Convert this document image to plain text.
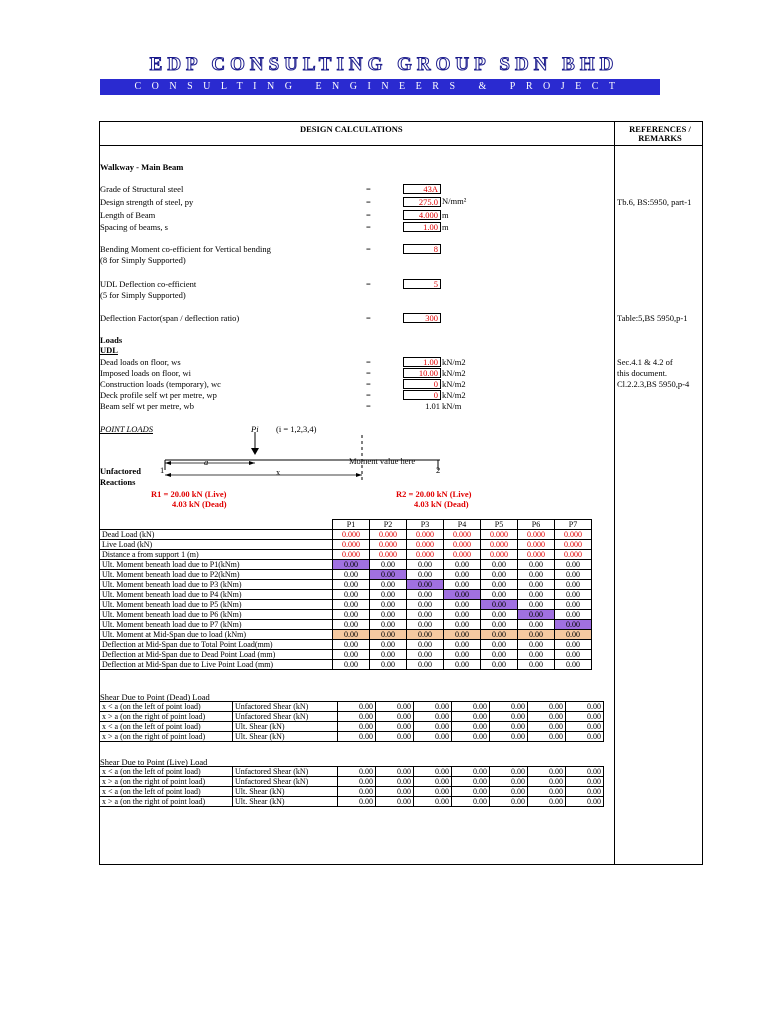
EDP CONSULTING GROUP SDN BHD
CONSULTING ENGINEERS & PROJECT MANAGERS
DESIGN CALCULATIONS	REFERENCES /
REMARKS
Walkway - Main Beam
Grade of Structural steel	=	43A
Design strength of steel, py	=	275.0 N/mm²
Length of Beam	=	4.000 m
Spacing of beams, s	=	1.00 m
Tb.6, BS:5950, part-1
Bending Moment co-efficient for Vertical bending
(8 for Simply Supported)
=	8
UDL Deflection co-efficient
(5 for Simply Supported)
=	5
Deflection Factor(span / deflection ratio)	=	300	Table:5,BS 5950,p-1
Loads
UDL
Dead loads on floor, ws	=	1.00 kN/m2
Imposed loads on floor, wi	=	10.00 kN/m2
Construction loads (temporary), wc	=	0 kN/m2
Deck profile self wt per metre, wp	=	0 kN/m2
Beam self wt per metre, wb	=	1.01 kN/m
Sec.4.1 & 4.2 of
this document.
Cl.2.2.3,BS 5950,p-4
POINT LOADS	Pi (i = 1,2,3,4)
a
x
1	2
Moment value here
Unfactored
Reactions
R1 = 20.00 kN (Live)
4.03 kN (Dead)
R2 = 20.00 kN (Live)
4.03 kN (Dead)
	P1	P2	P3	P4	P5	P6	P7
Dead Load (kN)	0.000	0.000	0.000	0.000	0.000	0.000	0.000
Live Load (kN)	0.000	0.000	0.000	0.000	0.000	0.000	0.000
Distance a from support 1 (m)	0.000	0.000	0.000	0.000	0.000	0.000	0.000
Ult. Moment beneath load due to P1(kNm)	0.00	0.00	0.00	0.00	0.00	0.00	0.00
Ult. Moment beneath load due to P2(kNm)	0.00	0.00	0.00	0.00	0.00	0.00	0.00
Ult. Moment beneath load due to P3 (kNm)	0.00	0.00	0.00	0.00	0.00	0.00	0.00
Ult. Moment beneath load due to P4 (kNm)	0.00	0.00	0.00	0.00	0.00	0.00	0.00
Ult. Moment beneath load due to P5 (kNm)	0.00	0.00	0.00	0.00	0.00	0.00	0.00
Ult. Moment beneath load due to P6 (kNm)	0.00	0.00	0.00	0.00	0.00	0.00	0.00
Ult. Moment beneath load due to P7 (kNm)	0.00	0.00	0.00	0.00	0.00	0.00	0.00
Ult. Moment at Mid-Span due to load (kNm)	0.00	0.00	0.00	0.00	0.00	0.00	0.00
Deflection at Mid-Span due to Total Point Load(mm)	0.00	0.00	0.00	0.00	0.00	0.00	0.00
Deflection at Mid-Span due to Dead Point Load (mm)	0.00	0.00	0.00	0.00	0.00	0.00	0.00
Deflection at Mid-Span due to Live Point Load (mm)	0.00	0.00	0.00	0.00	0.00	0.00	0.00
Shear Due to Point (Dead) Load
x < a (on the left of point load)	Unfactored Shear (kN)	0.00	0.00	0.00	0.00	0.00	0.00	0.00
x > a (on the right of point load)	Unfactored Shear (kN)	0.00	0.00	0.00	0.00	0.00	0.00	0.00
x < a (on the left of point load)	Ult. Shear (kN)	0.00	0.00	0.00	0.00	0.00	0.00	0.00
x > a (on the right of point load)	Ult. Shear (kN)	0.00	0.00	0.00	0.00	0.00	0.00	0.00
Shear Due to Point (Live) Load
x < a (on the left of point load)	Unfactored Shear (kN)	0.00	0.00	0.00	0.00	0.00	0.00	0.00
x > a (on the right of point load)	Unfactored Shear (kN)	0.00	0.00	0.00	0.00	0.00	0.00	0.00
x < a (on the left of point load)	Ult. Shear (kN)	0.00	0.00	0.00	0.00	0.00	0.00	0.00
x > a (on the right of point load)	Ult. Shear (kN)	0.00	0.00	0.00	0.00	0.00	0.00	0.00
